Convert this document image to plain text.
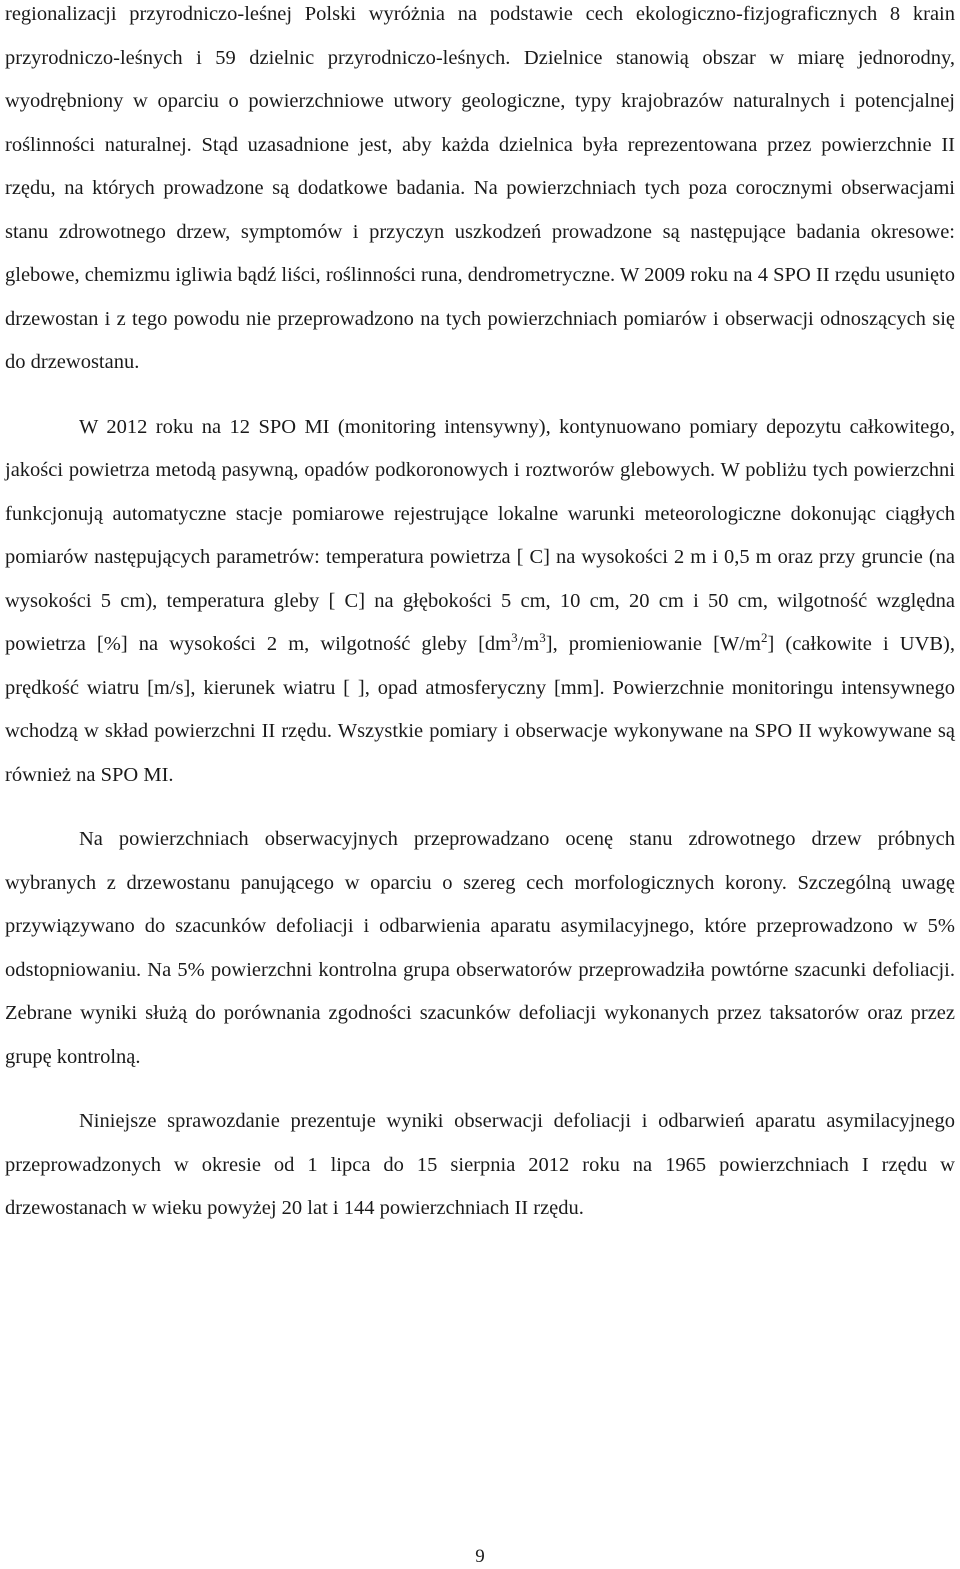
regionalizacji przyrodniczo-leśnej Polski wyróżnia na podstawie cech ekologiczno-fizjograficznych 8 krain przyrodniczo-leśnych i 59 dzielnic przyrodniczo-leśnych. Dzielnice stanowią obszar w miarę jednorodny, wyodrębniony w oparciu o powierzchniowe utwory geologiczne, typy krajobrazów naturalnych i potencjalnej roślinności naturalnej. Stąd uzasadnione jest, aby każda dzielnica była reprezentowana przez powierzchnie II rzędu, na których prowadzone są dodatkowe badania. Na powierzchniach tych poza corocznymi obserwacjami stanu zdrowotnego drzew, symptomów i przyczyn uszkodzeń prowadzone są następujące badania okresowe: glebowe, chemizmu igliwia bądź liści, roślinności runa, dendrometryczne. W 2009 roku na 4 SPO II rzędu usunięto drzewostan i z tego powodu nie przeprowadzono na tych powierzchniach pomiarów i obserwacji odnoszących się do drzewostanu.

W 2012 roku na 12 SPO MI (monitoring intensywny), kontynuowano pomiary depozytu całkowitego, jakości powietrza metodą pasywną, opadów podkoronowych i roztworów glebowych. W pobliżu tych powierzchni funkcjonują automatyczne stacje pomiarowe rejestrujące lokalne warunki meteorologiczne dokonując ciągłych pomiarów następujących parametrów: temperatura powietrza [ C] na wysokości 2 m i 0,5 m oraz przy gruncie (na wysokości 5 cm), temperatura gleby [ C] na głębokości 5 cm, 10 cm, 20 cm i 50 cm, wilgotność względna powietrza [%] na wysokości 2 m, wilgotność gleby $[dm^3/m^3]$, promieniowanie $[W/m^2]$ (całkowite i UVB), prędkość wiatru [m/s], kierunek wiatru [ ], opad atmosferyczny [mm]. Powierzchnie monitoringu intensywnego wchodzą w skład powierzchni II rzędu. Wszystkie pomiary i obserwacje wykonywane na SPO II wykowywane są również na SPO MI.

Na powierzchniach obserwacyjnych przeprowadzano ocenę stanu zdrowotnego drzew próbnych wybranych z drzewostanu panującego w oparciu o szereg cech morfologicznych korony. Szczególną uwagę przywiązywano do szacunków defoliacji i odbarwienia aparatu asymilacyjnego, które przeprowadzono w 5% odstopniowaniu. Na 5% powierzchni kontrolna grupa obserwatorów przeprowadziła powtórne szacunki defoliacji. Zebrane wyniki służą do porównania zgodności szacunków defoliacji wykonanych przez taksatorów oraz przez grupę kontrolną.

Niniejsze sprawozdanie prezentuje wyniki obserwacji defoliacji i odbarwień aparatu asymilacyjnego przeprowadzonych w okresie od 1 lipca do 15 sierpnia 2012 roku na 1965 powierzchniach I rzędu w drzewostanach w wieku powyżej 20 lat i 144 powierzchniach II rzędu.

9
